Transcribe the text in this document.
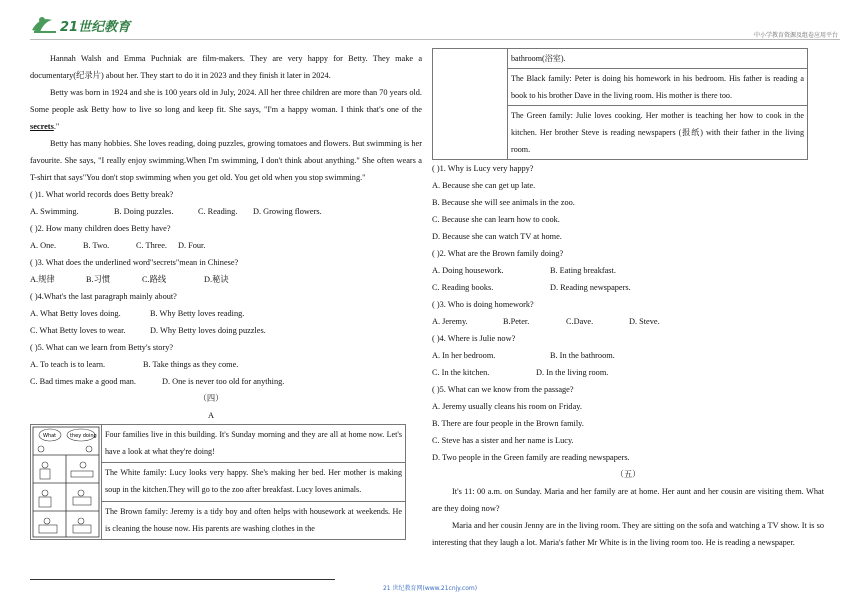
21世纪教育
中小学教育资源及组卷应用平台

Hannah Walsh and Emma Puchniak are film-makers. They are very happy for Betty. They make a documentary(纪录片) about her. They start to do it in 2023 and they finish it later in 2024.

Betty was born in 1924 and she is 100 years old in July, 2024. All her three children are more than 70 years old. Some people ask Betty how to live so long and keep fit. She says, "I'm a happy woman. I think that's one of the secrets."

Betty has many hobbies. She loves reading, doing puzzles, growing tomatoes and flowers. But swimming is her favourite. She says, "I really enjoy swimming.When I'm swimming, I don't think about anything." She often wears a T-shirt that says"You don't stop swimming when you get old. You get old when you stop swimming."

( )1. What world records does Betty break?

A. Swimming.	B. Doing puzzles.	C. Reading.	D. Growing flowers.

( )2. How many children does Betty have?

A. One.	B. Two.	C. Three.	D. Four.

( )3. What does the underlined word"secrets"mean in Chinese?

A.规律	B.习惯	C.路线	D.秘诀

( )4.What's the last paragraph mainly about?

A. What Betty loves doing.	B. Why Betty loves reading.
C. What Betty loves to wear.	D. Why Betty loves doing puzzles.

( )5. What can we learn from Betty's story?

A. To teach is to learn.	B. Take things as they come.
C. Bad times make a good man.	D. One is never too old for anything.

（四）

A

What	they doing	Four families live in this building. It's Sunday morning and they are all at home now. Let's have a look at what they're doing!
The White family: Lucy looks very happy. She's making her bed. Her mother is making soup in the kitchen.They will go to the zoo after breakfast. Lucy loves animals.
The Brown family: Jeremy is a tidy boy and often helps with housework at weekends. He is cleaning the house now. His parents are washing clothes in the
	bathroom(浴室).
The Black family: Peter is doing his homework in his bedroom. His father is reading a book to his brother Dave in the living room. His mother is there too.
The Green family: Julie loves cooking. Her mother is teaching her how to cook in the kitchen. Her brother Steve is reading newspapers (报纸) with their father in the living room.

( )1. Why is Lucy very happy?

A. Because she can get up late.

B. Because she will see animals in the zoo.

C. Because she can learn how to cook.

D. Because she can watch TV at home.

( )2. What are the Brown family doing?

A. Doing housework.	B. Eating breakfast.
C. Reading books.	D. Reading newspapers.

( )3. Who is doing homework?

A. Jeremy.	B.Peter.	C.Dave.	D. Steve.

( )4. Where is Julie now?

A. In her bedroom.	B. In the bathroom.
C. In the kitchen.	D. In the living room.

( )5. What can we know from the passage?

A. Jeremy usually cleans his room on Friday.

B. There are four people in the Brown family.

C. Steve has a sister and her name is Lucy.

D. Two people in the Green family are reading newspapers.

（五）

It's 11: 00 a.m. on Sunday. Maria and her family are at home. Her aunt and her cousin are visiting them. What are they doing now?

Maria and her cousin Jenny are in the living room. They are sitting on the sofa and watching a TV show. It is so interesting that they laugh a lot. Maria's father Mr White is in the living room too. He is reading a newspaper.

21 世纪教育网(www.21cnjy.com)
